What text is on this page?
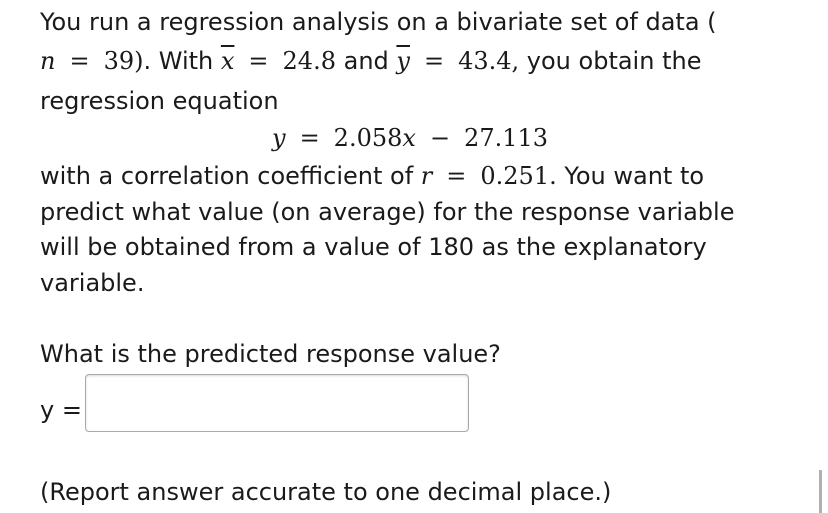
You run a regression analysis on a bivariate set of data (
n = 39). With $\overline{x} = 24.8$ and $\overline{y} = 43.4$, you obtain the
regression equation
y = 2.058x − 27.113
with a correlation coefficient of r = 0.251. You want to
predict what value (on average) for the response variable
will be obtained from a value of 180 as the explanatory
variable.
What is the predicted response value?
y =
(Report answer accurate to one decimal place.)
